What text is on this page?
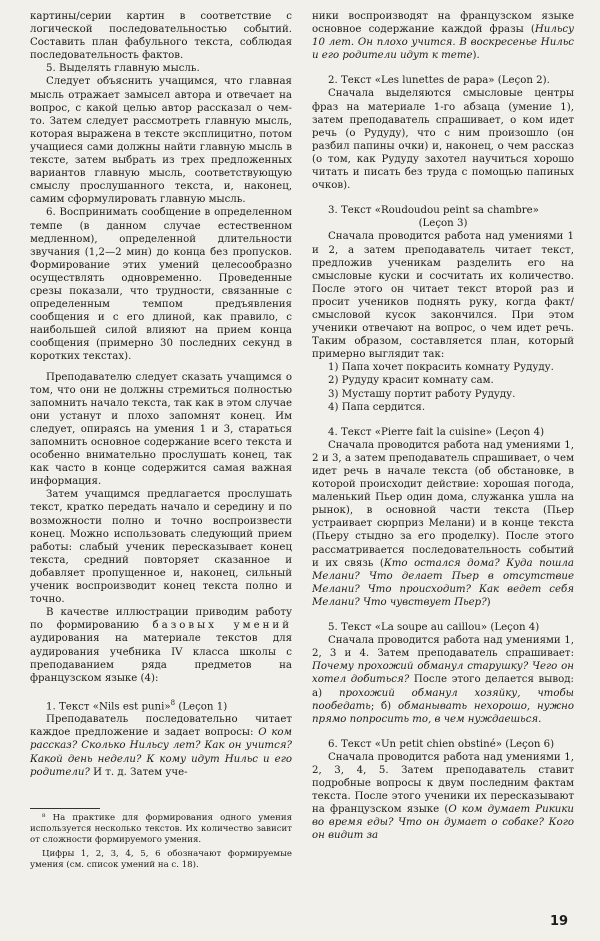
картины/серии картин в соответствие с логической последовательностью событий. Составить план фабульного текста, соблюдая последовательность фактов.

5. Выделять главную мысль.

Следует объяснить учащимся, что главная мысль отражает замысел автора и отвечает на вопрос, с какой целью автор рассказал о чем-то. Затем следует рассмотреть главную мысль, которая выражена в тексте эксплицитно, потом учащиеся сами должны найти главную мысль в тексте, затем выбрать из трех предложенных вариантов главную мысль, соответствующую смыслу прослушанного текста, и, наконец, самим сформулировать главную мысль.

6. Воспринимать сообщение в определенном темпе (в данном случае естественном медленном), определенной длительности звучания (1,2—2 мин) до конца без пропусков. Формирование этих умений целесообразно осуществлять одновременно. Проведенные срезы показали, что трудности, связанные с определенным темпом предъявления сообщения и с его длиной, как правило, с наибольшей силой влияют на прием конца сообщения (примерно 30 последних секунд в коротких текстах).

Преподавателю следует сказать учащимся о том, что они не должны стремиться полностью запомнить начало текста, так как в этом случае они устанут и плохо запомнят конец. Им следует, опираясь на умения 1 и 3, стараться запомнить основное содержание всего текста и особенно внимательно прослушать конец, так как часто в конце содержится самая важная информация.

Затем учащимся предлагается прослушать текст, кратко передать начало и середину и по возможности полно и точно воспроизвести конец. Можно использовать следующий прием работы: слабый ученик пересказывает конец текста, средний повторяет сказанное и добавляет пропущенное и, наконец, сильный ученик воспроизводит конец текста полно и точно.

В качестве иллюстрации приводим работу по формированию базовых умений аудирования на материале текстов для аудирования учебника IV класса школы с преподаванием ряда предметов на французском языке (4):

1. Текст «Nils est puni»$^8$ (Leçon 1)

Преподаватель последовательно читает каждое предложение и задает вопросы: О ком рассказ? Сколько Нильсу лет? Как он учится? Какой день недели? К кому идут Нильс и его родители? И т. д. Затем уче-

⁸ На практике для формирования одного умения используется несколько текстов. Их количество зависит от сложности формируемого умения.

Цифры 1, 2, 3, 4, 5, 6 обозначают формируемые умения (см. список умений на с. 18).

ники воспроизводят на французском языке основное содержание каждой фразы (Нильсу 10 лет. Он плохо учится. В воскресенье Нильс и его родители идут к тете).

2. Текст «Les lunettes de papa» (Leçon 2).

Сначала выделяются смысловые центры фраз на материале 1-го абзаца (умение 1), затем преподаватель спрашивает, о ком идет речь (о Рудуду), что с ним произошло (он разбил папины очки) и, наконец, о чем рассказ (о том, как Рудуду захотел научиться хорошо читать и писать без труда с помощью папиных очков).

3. Текст «Roudoudou peint sa chambre»

(Leçon 3)

Сначала проводится работа над умениями 1 и 2, а затем преподаватель читает текст, предложив ученикам разделить его на смысловые куски и сосчитать их количество. После этого он читает текст второй раз и просит учеников поднять руку, когда факт/смысловой кусок закончился. При этом ученики отвечают на вопрос, о чем идет речь. Таким образом, составляется план, который примерно выглядит так:

1) Папа хочет покрасить комнату Рудуду.

2) Рудуду красит комнату сам.

3) Мусташу портит работу Рудуду.

4) Папа сердится.

4. Текст «Pierre fait la cuisine» (Leçon 4)

Сначала проводится работа над умениями 1, 2 и 3, а затем преподаватель спрашивает, о чем идет речь в начале текста (об обстановке, в которой происходит действие: хорошая погода, маленький Пьер один дома, служанка ушла на рынок), в основной части текста (Пьер устраивает сюрприз Мелани) и в конце текста (Пьеру стыдно за его проделку). После этого рассматривается последовательность событий и их связь (Кто остался дома? Куда пошла Мелани? Что делает Пьер в отсутствие Мелани? Что происходит? Как ведет себя Мелани? Что чувствует Пьер?)

5. Текст «La soupe au caillou» (Leçon 4)

Сначала проводится работа над умениями 1, 2, 3 и 4. Затем преподаватель спрашивает: Почему прохожий обманул старушку? Чего он хотел добиться? После этого делается вывод: а) прохожий обманул хозяйку, чтобы пообедать; б) обманывать нехорошо, нужно прямо попросить то, в чем нуждаешься.

6. Текст «Un petit chien obstiné» (Leçon 6)

Сначала проводится работа над умениями 1, 2, 3, 4, 5. Затем преподаватель ставит подробные вопросы к двум последним фактам текста. После этого ученики их пересказывают на французском языке (О ком думает Рикики во время еды? Что он думает о собаке? Кого он видит за

19
